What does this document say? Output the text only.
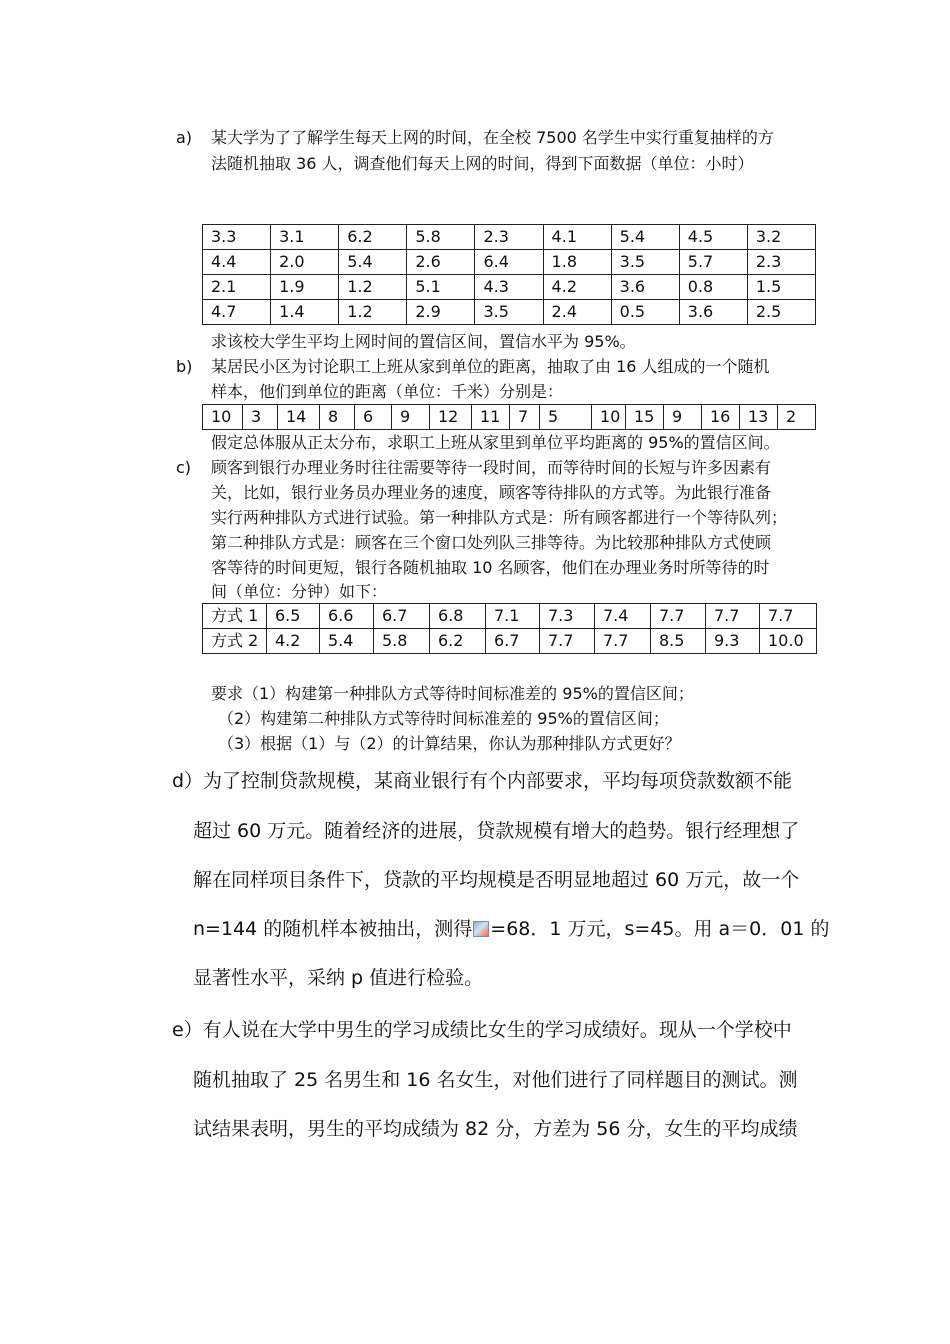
a) 某大学为了了解学生每天上网的时间，在全校 7500 名学生中实行重复抽样的方
法随机抽取 36 人，调查他们每天上网的时间，得到下面数据（单位：小时）
3.3	3.1	6.2	5.8	2.3	4.1	5.4	4.5	3.2
4.4	2.0	5.4	2.6	6.4	1.8	3.5	5.7	2.3
2.1	1.9	1.2	5.1	4.3	4.2	3.6	0.8	1.5
4.7	1.4	1.2	2.9	3.5	2.4	0.5	3.6	2.5
求该校大学生平均上网时间的置信区间，置信水平为 95%。
b) 某居民小区为讨论职工上班从家到单位的距离，抽取了由 16 人组成的一个随机
样本，他们到单位的距离（单位：千米）分别是：
10	3	14	8	6	9	12	11	7	5	10	15	9	16	13	2
假定总体服从正太分布，求职工上班从家里到单位平均距离的 95%的置信区间。
c) 顾客到银行办理业务时往往需要等待一段时间，而等待时间的长短与许多因素有
关，比如，银行业务员办理业务的速度，顾客等待排队的方式等。为此银行准备
实行两种排队方式进行试验。第一种排队方式是：所有顾客都进行一个等待队列；
第二种排队方式是：顾客在三个窗口处列队三排等待。为比较那种排队方式使顾
客等待的时间更短，银行各随机抽取 10 名顾客，他们在办理业务时所等待的时
间（单位：分钟）如下：
方式 1	6.5	6.6	6.7	6.8	7.1	7.3	7.4	7.7	7.7	7.7
方式 2	4.2	5.4	5.8	6.2	6.7	7.7	7.7	8.5	9.3	10.0
要求（1）构建第一种排队方式等待时间标准差的 95%的置信区间；
（2）构建第二种排队方式等待时间标准差的 95%的置信区间；
（3）根据（1）与（2）的计算结果，你认为那种排队方式更好？
d）为了控制贷款规模，某商业银行有个内部要求，平均每项贷款数额不能
超过 60 万元。随着经济的进展，贷款规模有增大的趋势。银行经理想了
解在同样项目条件下，贷款的平均规模是否明显地超过 60 万元，故一个
n=144 的随机样本被抽出，测得 =68．1 万元，s=45。用 a＝0．01 的
显著性水平，采纳 p 值进行检验。
e）有人说在大学中男生的学习成绩比女生的学习成绩好。现从一个学校中
随机抽取了 25 名男生和 16 名女生，对他们进行了同样题目的测试。测
试结果表明，男生的平均成绩为 82 分，方差为 56 分，女生的平均成绩
